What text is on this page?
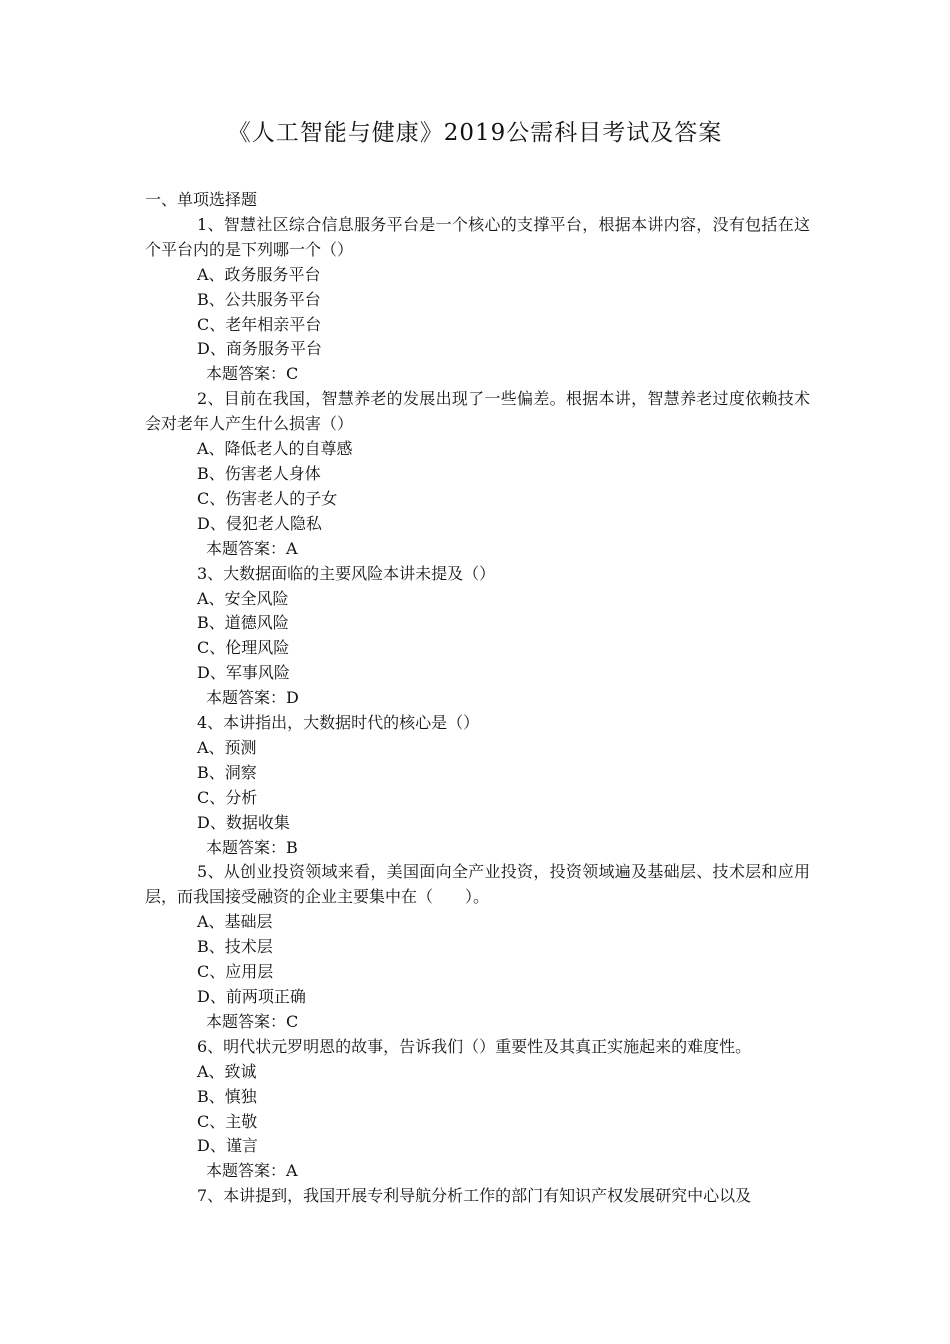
《人工智能与健康》2019公需科目考试及答案

一、单项选择题

1、智慧社区综合信息服务平台是一个核心的支撑平台，根据本讲内容，没有包括在这个平台内的是下列哪一个（）

A、政务服务平台

B、公共服务平台

C、老年相亲平台

D、商务服务平台

本题答案：C

2、目前在我国，智慧养老的发展出现了一些偏差。根据本讲，智慧养老过度依赖技术会对老年人产生什么损害（）

A、降低老人的自尊感

B、伤害老人身体

C、伤害老人的子女

D、侵犯老人隐私

本题答案：A

3、大数据面临的主要风险本讲未提及（）

A、安全风险

B、道德风险

C、伦理风险

D、军事风险

本题答案：D

4、本讲指出，大数据时代的核心是（）

A、预测

B、洞察

C、分析

D、数据收集

本题答案：B

5、从创业投资领域来看，美国面向全产业投资，投资领域遍及基础层、技术层和应用层，而我国接受融资的企业主要集中在（　　）。

A、基础层

B、技术层

C、应用层

D、前两项正确

本题答案：C

6、明代状元罗明恩的故事，告诉我们（）重要性及其真正实施起来的难度性。

A、致诚

B、慎独

C、主敬

D、谨言

本题答案：A

7、本讲提到，我国开展专利导航分析工作的部门有知识产权发展研究中心以及
